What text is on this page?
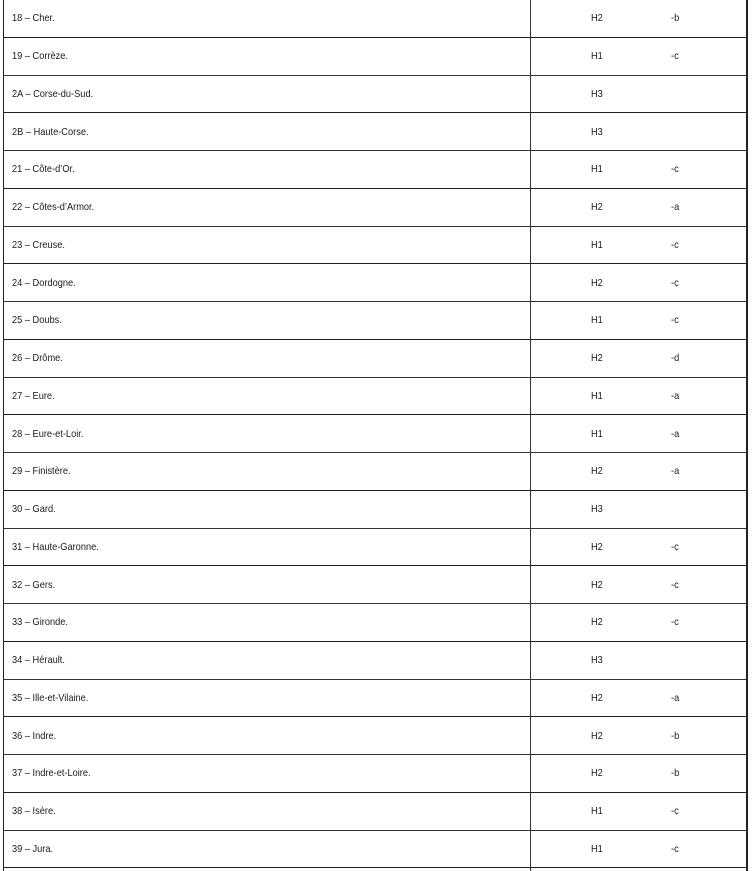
18 – Cher.	H2	-b
19 – Corrèze.	H1	-c
2A – Corse-du-Sud.	H3
2B – Haute-Corse.	H3
21 – Côte-d’Or.	H1	-c
22 – Côtes-d’Armor.	H2	-a
23 – Creuse.	H1	-c
24 – Dordogne.	H2	-c
25 – Doubs.	H1	-c
26 – Drôme.	H2	-d
27 – Eure.	H1	-a
28 – Eure-et-Loir.	H1	-a
29 – Finistère.	H2	-a
30 – Gard.	H3
31 – Haute-Garonne.	H2	-c
32 – Gers.	H2	-c
33 – Gironde.	H2	-c
34 – Hérault.	H3
35 – Ille-et-Vilaine.	H2	-a
36 – Indre.	H2	-b
37 – Indre-et-Loire.	H2	-b
38 – Isère.	H1	-c
39 – Jura.	H1	-c
